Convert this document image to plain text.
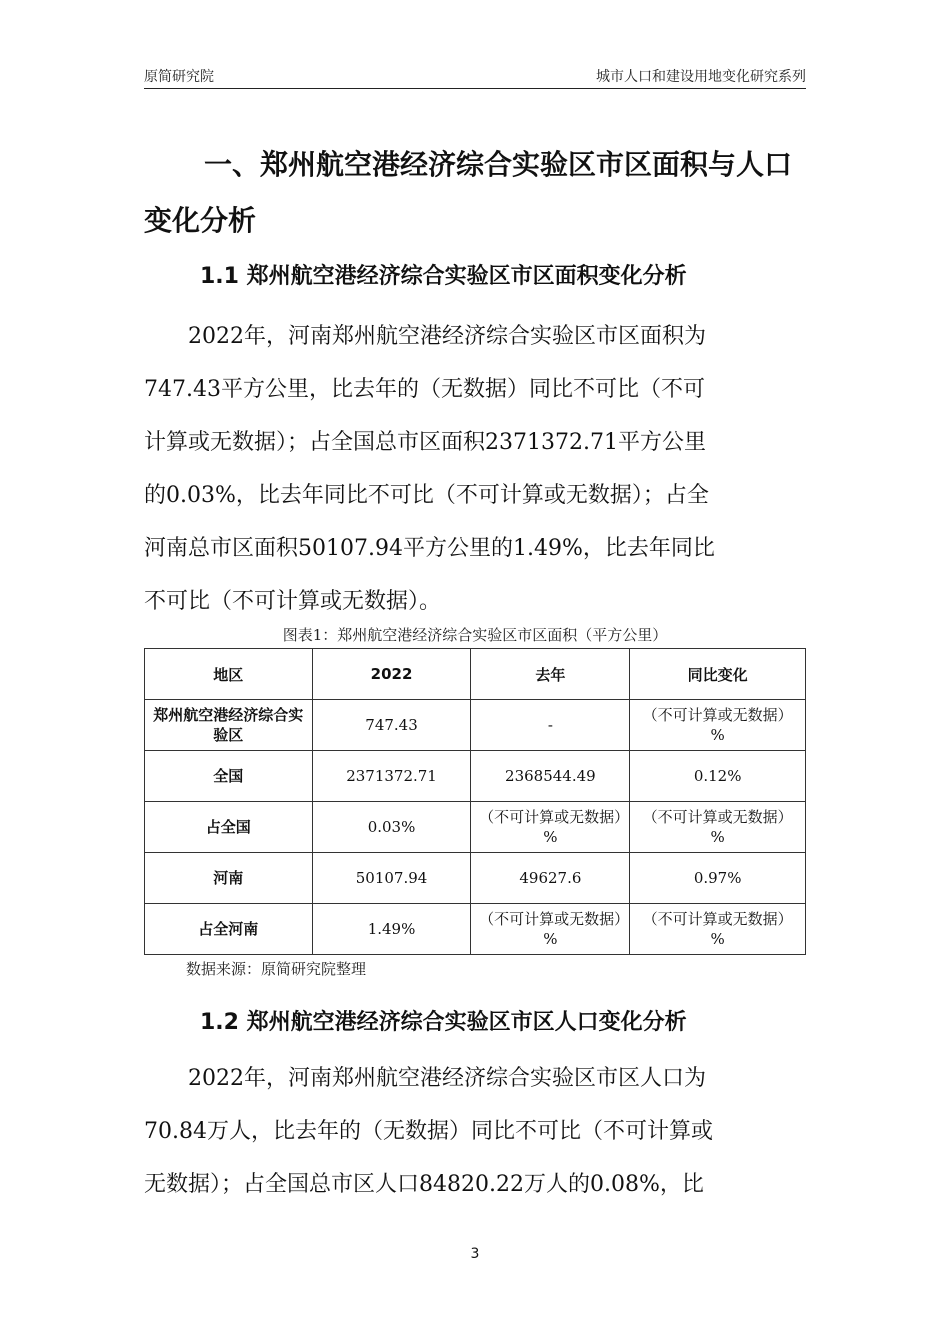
原简研究院	城市人口和建设用地变化研究系列
一、郑州航空港经济综合实验区市区面积与人口
变化分析
1.1 郑州航空港经济综合实验区市区面积变化分析
　　2022年，河南郑州航空港经济综合实验区市区面积为
747.43平方公里，比去年的（无数据）同比不可比（不可
计算或无数据）；占全国总市区面积2371372.71平方公里
的0.03%，比去年同比不可比（不可计算或无数据）；占全
河南总市区面积50107.94平方公里的1.49%，比去年同比
不可比（不可计算或无数据）。
图表1：郑州航空港经济综合实验区市区面积（平方公里）
地区	2022	去年	同比变化
郑州航空港经济综合实验区	747.43	-	（不可计算或无数据）%
全国	2371372.71	2368544.49	0.12%
占全国	0.03%	（不可计算或无数据）%	（不可计算或无数据）%
河南	50107.94	49627.6	0.97%
占全河南	1.49%	（不可计算或无数据）%	（不可计算或无数据）%
数据来源：原简研究院整理
1.2 郑州航空港经济综合实验区市区人口变化分析
　　2022年，河南郑州航空港经济综合实验区市区人口为
70.84万人，比去年的（无数据）同比不可比（不可计算或
无数据）；占全国总市区人口84820.22万人的0.08%，比
3
